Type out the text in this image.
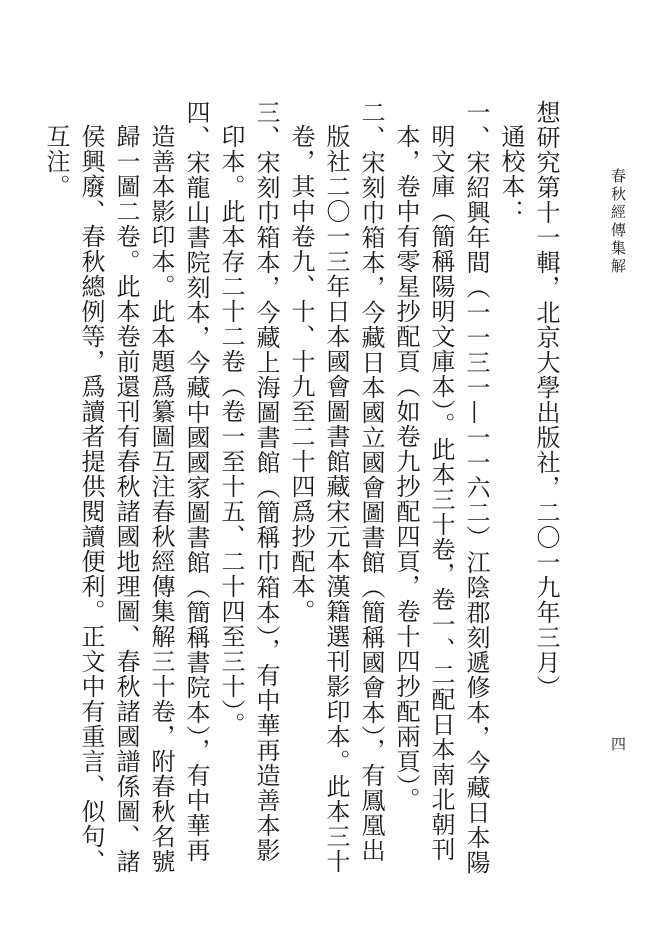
春秋經傳集解
四

想研究第十一輯，北京大學出版社，二〇一九年三月）

通校本：

一、宋紹興年間（一一三一—一一六二）江陰郡刻遞修本，今藏日本陽明文庫（簡稱陽明文庫本）。此本三十卷，卷一、二配日本南北朝刊本，卷中有零星抄配頁（如卷九抄配四頁，卷十四抄配兩頁）。

二、宋刻巾箱本，今藏日本國立國會圖書館（簡稱國會本），有鳳凰出版社二〇一三年日本國會圖書館藏宋元本漢籍選刊影印本。此本三十卷，其中卷九、十、十九至二十四爲抄配本。

三、宋刻巾箱本，今藏上海圖書館（簡稱巾箱本），有中華再造善本影印本。此本存二十二卷（卷一至十五、二十四至三十）。

四、宋龍山書院刻本，今藏中國國家圖書館（簡稱書院本），有中華再造善本影印本。此本題爲纂圖互注春秋經傳集解三十卷，附春秋名號歸一圖二卷。此本卷前還刊有春秋諸國地理圖、春秋諸國譜係圖、諸侯興廢、春秋總例等，爲讀者提供閱讀便利。正文中有重言、似句、互注。
